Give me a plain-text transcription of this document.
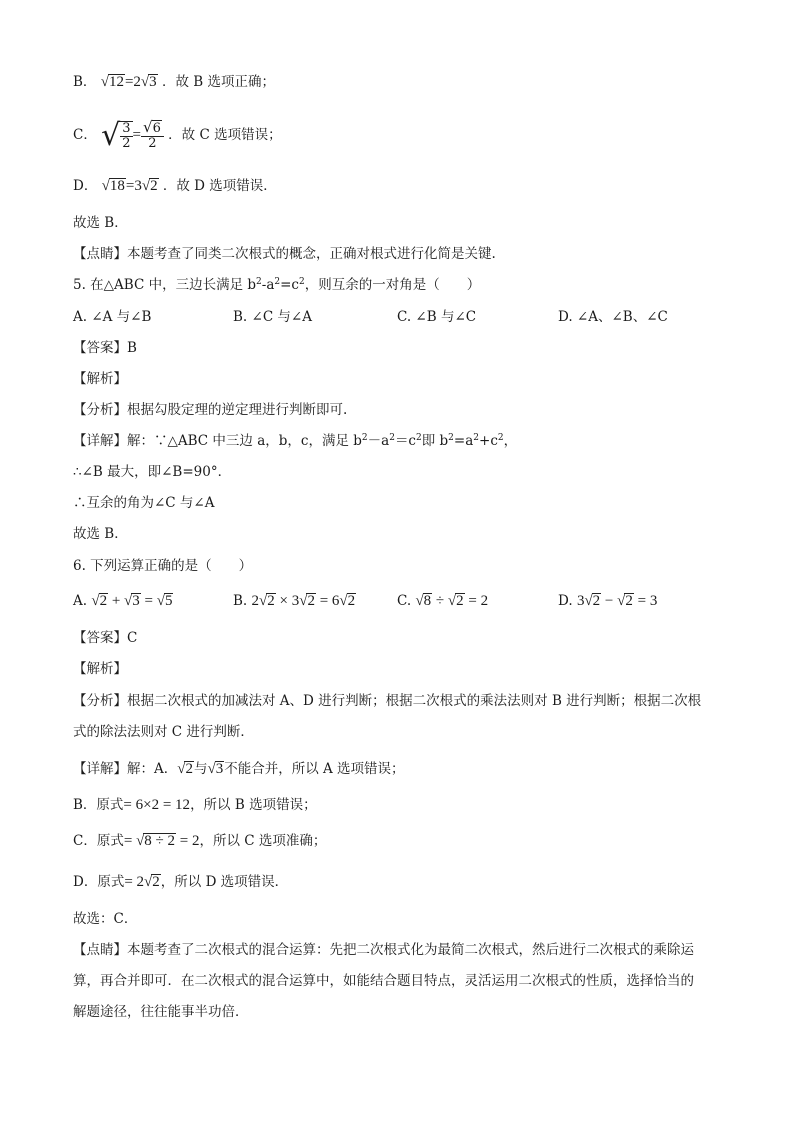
B． √12=2√3 ．故 B 选项正确；
C． √ $\frac{3}{2} = \frac{√6}{2}$ ．故 C 选项错误；
D． √18=3√2 ．故 D 选项错误．
故选 B．
【点睛】本题考查了同类二次根式的概念，正确对根式进行化简是关键.
5. 在△ABC 中，三边长满足 $b^2-a^2=c^2$，则互余的一对角是（　　）
A. ∠A 与∠B	B. ∠C 与∠A	C. ∠B 与∠C	D. ∠A、∠B、∠C
【答案】B
【解析】
【分析】根据勾股定理的逆定理进行判断即可.
【详解】解：∵△ABC 中三边 a，b，c，满足 $b^2-a^2=c^2$即 $b^2=a^2+c^2$，
∴∠B 最大，即∠B=90°．
∴互余的角为∠C 与∠A
故选 B．
6. 下列运算正确的是（　　）
A. √2 + √3 = √5	B. 2√2 × 3√2 = 6√2	C. √8 ÷ √2 = 2	D. 3√2 − √2 = 3
【答案】C
【解析】
【分析】根据二次根式的加减法对 A、D 进行判断；根据二次根式的乘法法则对 B 进行判断；根据二次根
式的除法法则对 C 进行判断．
【详解】解：A．√2与√3不能合并，所以 A 选项错误；
B．原式= 6×2 = 12，所以 B 选项错误；
C．原式= √8 ÷ 2 = 2，所以 C 选项准确；
D．原式= 2√2，所以 D 选项错误．
故选：C．
【点睛】本题考查了二次根式的混合运算：先把二次根式化为最简二次根式，然后进行二次根式的乘除运
算，再合并即可．在二次根式的混合运算中，如能结合题目特点，灵活运用二次根式的性质，选择恰当的
解题途径，往往能事半功倍．
